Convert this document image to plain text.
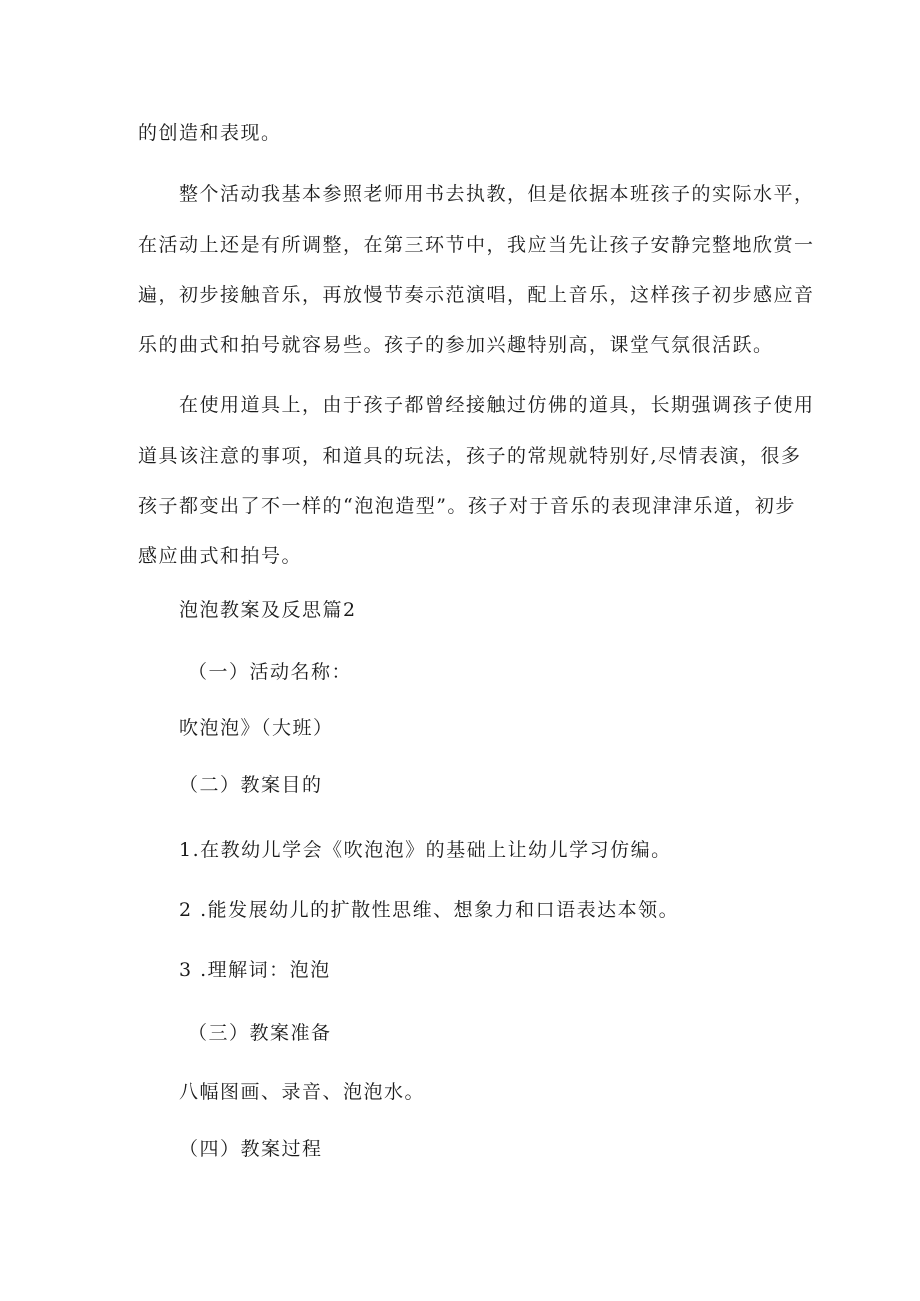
的创造和表现。

整个活动我基本参照老师用书去执教，但是依据本班孩子的实际水平，

在活动上还是有所调整，在第三环节中，我应当先让孩子安静完整地欣赏一

遍，初步接触音乐，再放慢节奏示范演唱，配上音乐，这样孩子初步感应音

乐的曲式和拍号就容易些。孩子的参加兴趣特别高，课堂气氛很活跃。

在使用道具上，由于孩子都曾经接触过仿佛的道具，长期强调孩子使用

道具该注意的事项，和道具的玩法，孩子的常规就特别好,尽情表演，很多

孩子都变出了不一样的“泡泡造型”。孩子对于音乐的表现津津乐道，初步

感应曲式和拍号。

泡泡教案及反思篇2

（一）活动名称：

吹泡泡》（大班）

（二）教案目的

1.在教幼儿学会《吹泡泡》的基础上让幼儿学习仿编。

2 .能发展幼儿的扩散性思维、想象力和口语表达本领。

3 .理解词：泡泡

（三）教案准备

八幅图画、录音、泡泡水。

（四）教案过程
